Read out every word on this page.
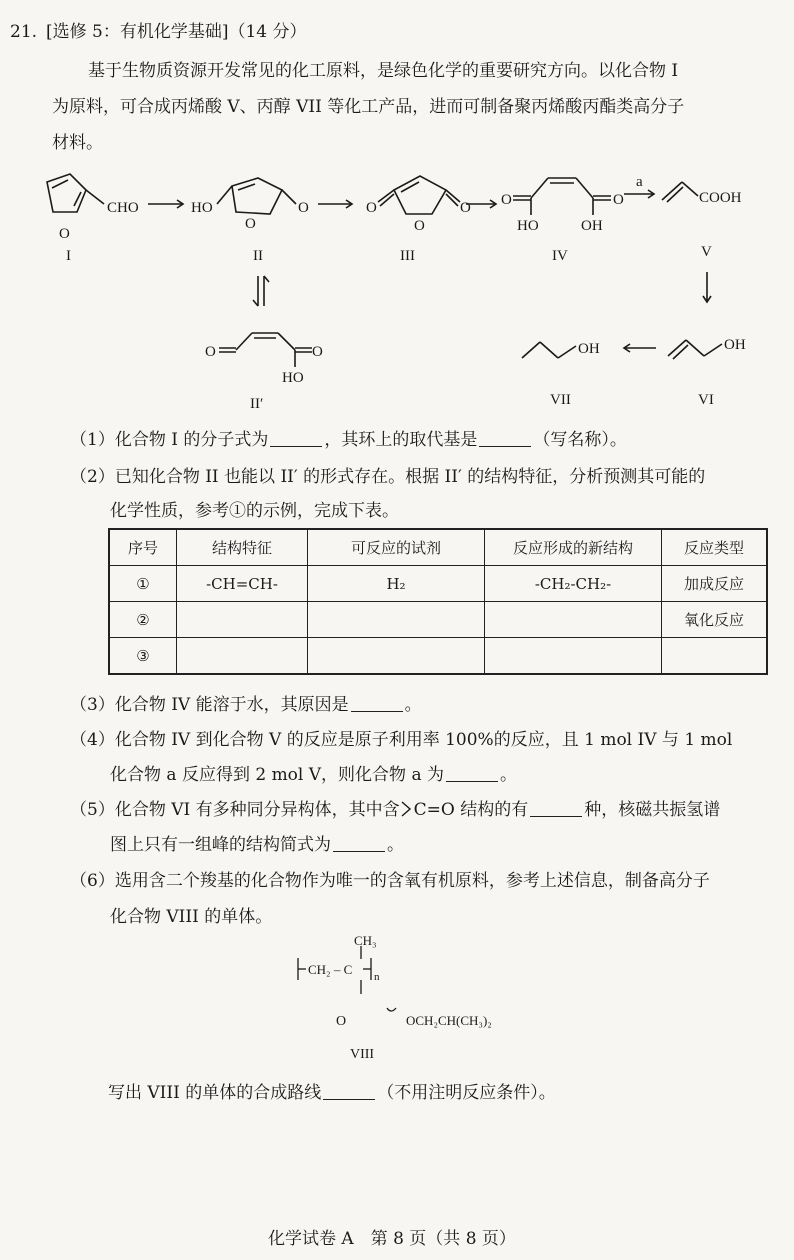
21. [选修 5：有机化学基础]（14 分）
基于生物质资源开发常见的化工原料，是绿色化学的重要研究方向。以化合物 I
为原料，可合成丙烯酸 V、丙醇 VII 等化工产品，进而可制备聚丙烯酸丙酯类高分子
材料。
O
CHO	HO
O
O	O
O
O O	O
HO	OH
a
COOH
O	O
HO
OH	OH
I	II	III	IV	V
II′	VII	VI
（1）化合物 I 的分子式为	，其环上的取代基是	（写名称）。
（2）已知化合物 II 也能以 II′ 的形式存在。根据 II′ 的结构特征，分析预测其可能的
化学性质，参考①的示例，完成下表。
序号	结构特征	可反应的试剂	反应形成的新结构	反应类型
①	-CH=CH-	H₂	-CH₂-CH₂-	加成反应
②				氧化反应
③				
（3）化合物 IV 能溶于水，其原因是	。
（4）化合物 IV 到化合物 V 的反应是原子利用率 100%的反应，且 1 mol IV 与 1 mol
化合物 a 反应得到 2 mol V，则化合物 a 为	。
（5）化合物 VI 有多种同分异构体，其中含 C=O 结构的有	种，核磁共振氢谱
图上只有一组峰的结构简式为	。
（6）选用含二个羧基的化合物作为唯一的含氧有机原料，参考上述信息，制备高分子
化合物 VIII 的单体。
CH₃
CH₂ – C n
O	OCH₂CH(CH₃)₂
VIII
写出 VIII 的单体的合成路线	（不用注明反应条件）。
化学试卷 A　第 8 页（共 8 页）
